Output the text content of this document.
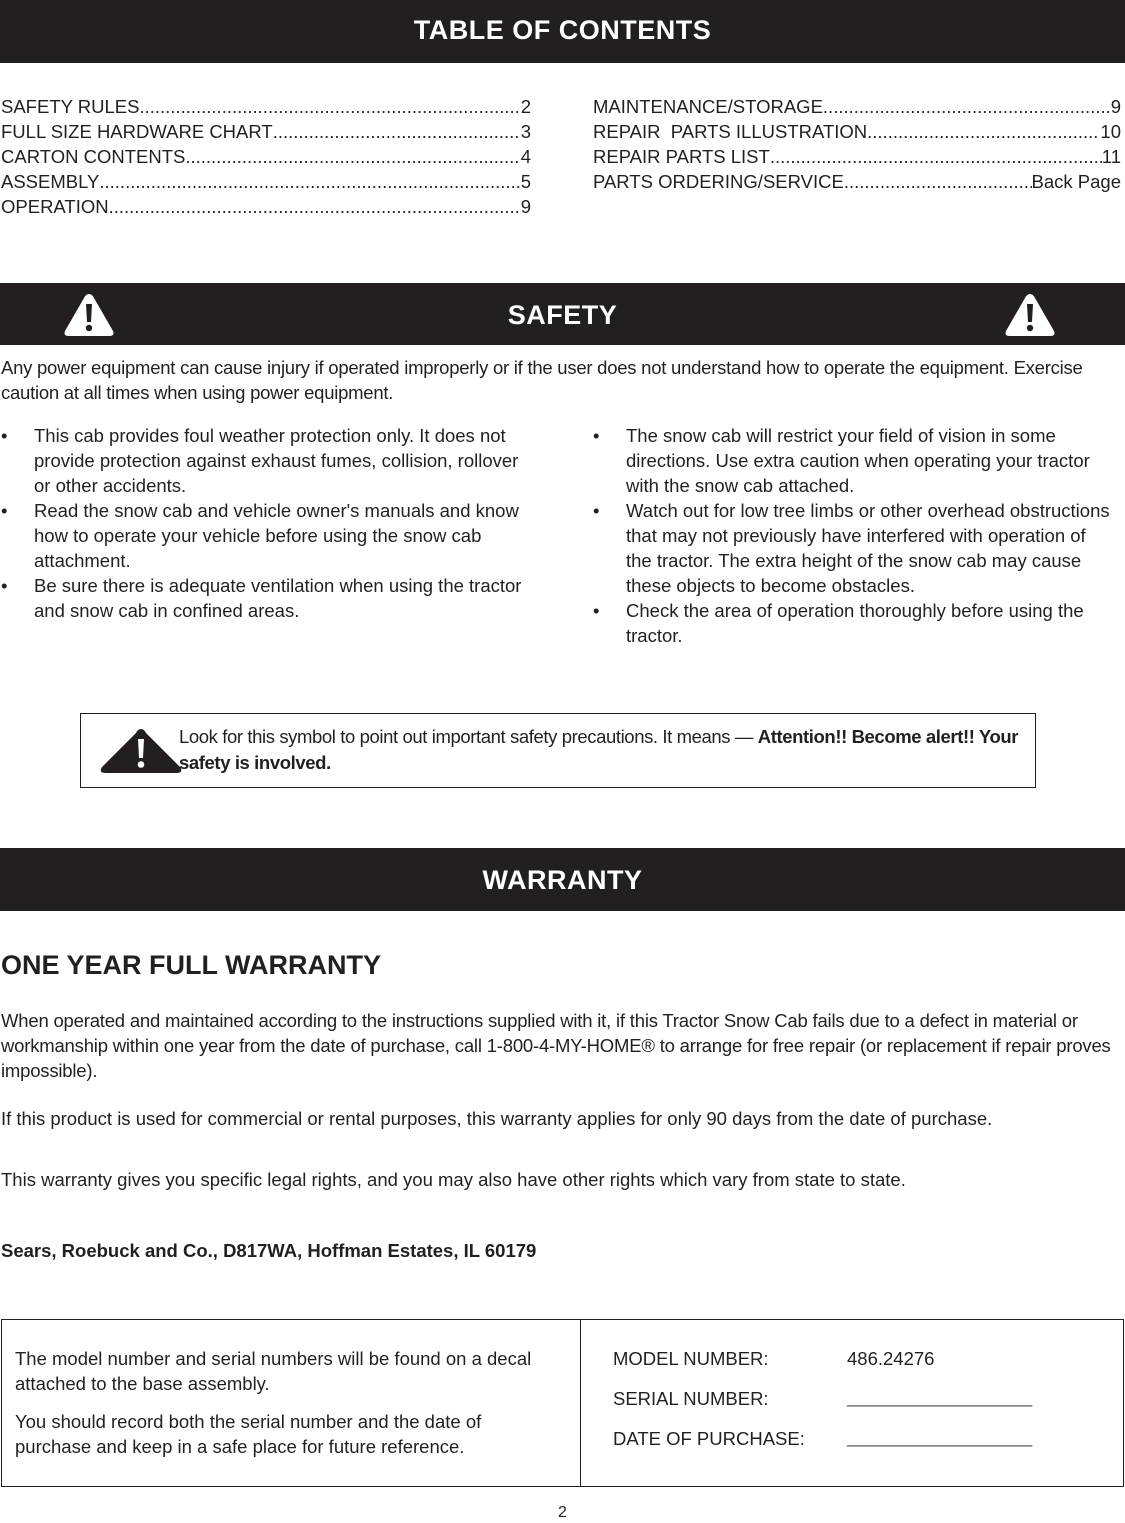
TABLE OF CONTENTS
SAFETY RULES .....	2
FULL SIZE HARDWARE CHART .....	3
CARTON CONTENTS .....	4
ASSEMBLY .....	5
OPERATION .....	9
MAINTENANCE/STORAGE .....	9
REPAIR  PARTS ILLUSTRATION .....	10
REPAIR PARTS LIST .....	11
PARTS ORDERING/SERVICE .....	Back Page
SAFETY
Any power equipment can cause injury if operated improperly or if the user does not understand how to operate the equipment. Exercise caution at all times when using power equipment.
• This cab provides foul weather protection only. It does not provide protection against exhaust fumes, collision, rollover or other accidents.
• Read the snow cab and vehicle owner's manuals and know how to operate your vehicle before using the snow cab attachment.
• Be sure there is adequate ventilation when using the tractor and snow cab in confined areas.
• The snow cab will restrict your field of vision in some directions. Use extra caution when operating your tractor with the snow cab attached.
• Watch out for low tree limbs or other overhead obstructions that may not previously have interfered with operation of the tractor. The extra height of the snow cab may cause these objects to become obstacles.
• Check the area of operation thoroughly before using the tractor.
Look for this symbol to point out important safety precautions. It means — Attention!! Become alert!! Your safety is involved.
WARRANTY
ONE YEAR FULL WARRANTY
When operated and maintained according to the instructions supplied with it, if this Tractor Snow Cab fails due to a defect in material or workmanship within one year from the date of purchase, call 1-800-4-MY-HOME® to arrange for free repair (or replacement if repair proves impossible).
If this product is used for commercial or rental purposes, this warranty applies for only 90 days from the date of purchase.
This warranty gives you specific legal rights, and you may also have other rights which vary from state to state.
Sears, Roebuck and Co., D817WA, Hoffman Estates, IL 60179
The model number and serial numbers will be found on a decal attached to the base assembly.
You should record both the serial number and the date of purchase and keep in a safe place for future reference.
MODEL NUMBER:	486.24276
SERIAL NUMBER:	__________________
DATE OF PURCHASE: __________________
2
